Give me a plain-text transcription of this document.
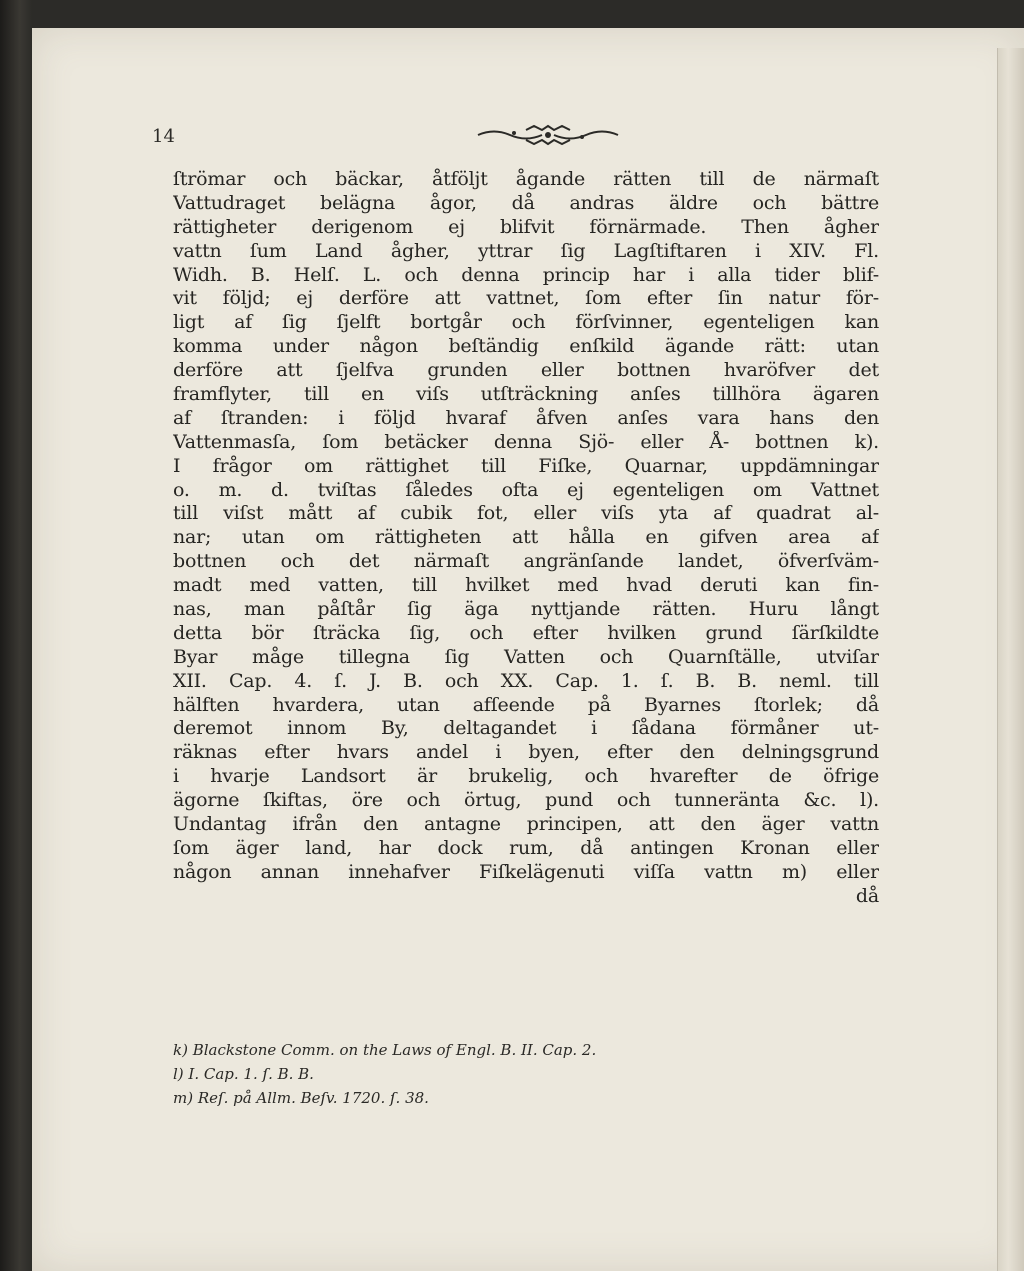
14
ſtrömar och bäckar, åtföljt ågande rätten till de närmaſt
Vattudraget belägna ågor, då andras äldre och bättre
rättigheter derigenom ej blifvit förnärmade. Then ågher
vattn ſum Land ågher, yttrar ſig Lagſtiftaren i XIV. Fl.
Widh. B. Helſ. L. och denna princip har i alla tider blif-
vit följd; ej derföre att vattnet, ſom efter ſin natur för-
ligt af ſig ſjelft bortgår och förſvinner, egenteligen kan
komma under någon beſtändig enſkild ägande rätt: utan
derföre att ſjelfva grunden eller bottnen hvaröfver det
framflyter, till en viſs utſträckning anſes tillhöra ägaren
af ſtranden: i följd hvaraf åfven anſes vara hans den
Vattenmasſa, ſom betäcker denna Sjö- eller Å- bottnen k).
I frågor om rättighet till Fiſke, Quarnar, uppdämningar
o. m. d. tviſtas ſåledes ofta ej egenteligen om Vattnet
till viſst mått af cubik fot, eller viſs yta af quadrat al-
nar; utan om rättigheten att hålla en gifven area af
bottnen och det närmaſt angränſande landet, öfverſväm-
madt med vatten, till hvilket med hvad deruti kan fin-
nas, man påſtår ſig äga nyttjande rätten. Huru långt
detta bör ſträcka ſig, och efter hvilken grund ſärſkildte
Byar måge tillegna ſig Vatten och Quarnſtälle, utviſar
XII. Cap. 4. ſ. J. B. och XX. Cap. 1. ſ. B. B. neml. till
hälften hvardera, utan afſeende på Byarnes ſtorlek; då
deremot innom By, deltagandet i ſådana förmåner ut-
räknas efter hvars andel i byen, efter den delningsgrund
i hvarje Landsort är brukelig, och hvarefter de öfrige
ägorne ſkiftas, öre och örtug, pund och tunneränta &c. l).
Undantag ifrån den antagne principen, att den äger vattn
ſom äger land, har dock rum, då antingen Kronan eller
någon annan innehafver Fiſkelägenuti viſſa vattn m) eller
då
k) Blackstone Comm. on the Laws of Engl. B. II. Cap. 2.
l) I. Cap. 1. ſ. B. B.
m) Reſ. på Allm. Beſv. 1720. ſ. 38.
